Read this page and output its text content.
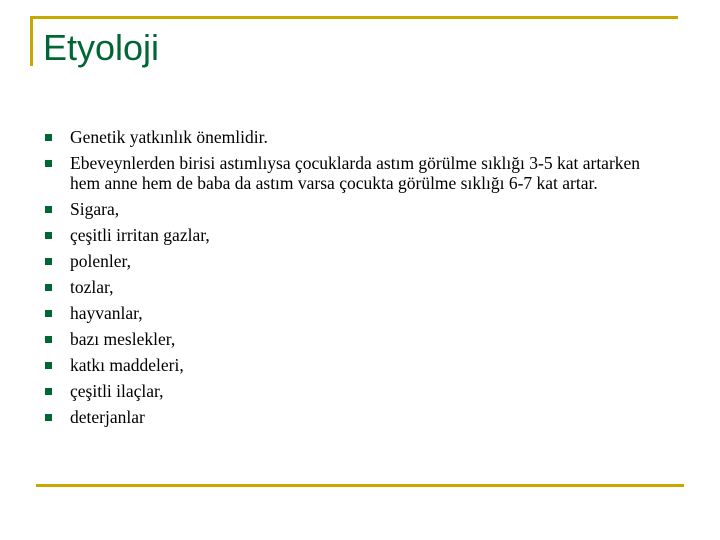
Etyoloji
Genetik yatkınlık önemlidir.
Ebeveynlerden birisi astımlıysa çocuklarda astım görülme sıklığı 3-5 kat artarken hem anne hem de baba da astım varsa çocukta görülme sıklığı 6-7 kat artar.
Sigara,
çeşitli irritan gazlar,
polenler,
tozlar,
hayvanlar,
bazı meslekler,
katkı maddeleri,
çeşitli ilaçlar,
deterjanlar
